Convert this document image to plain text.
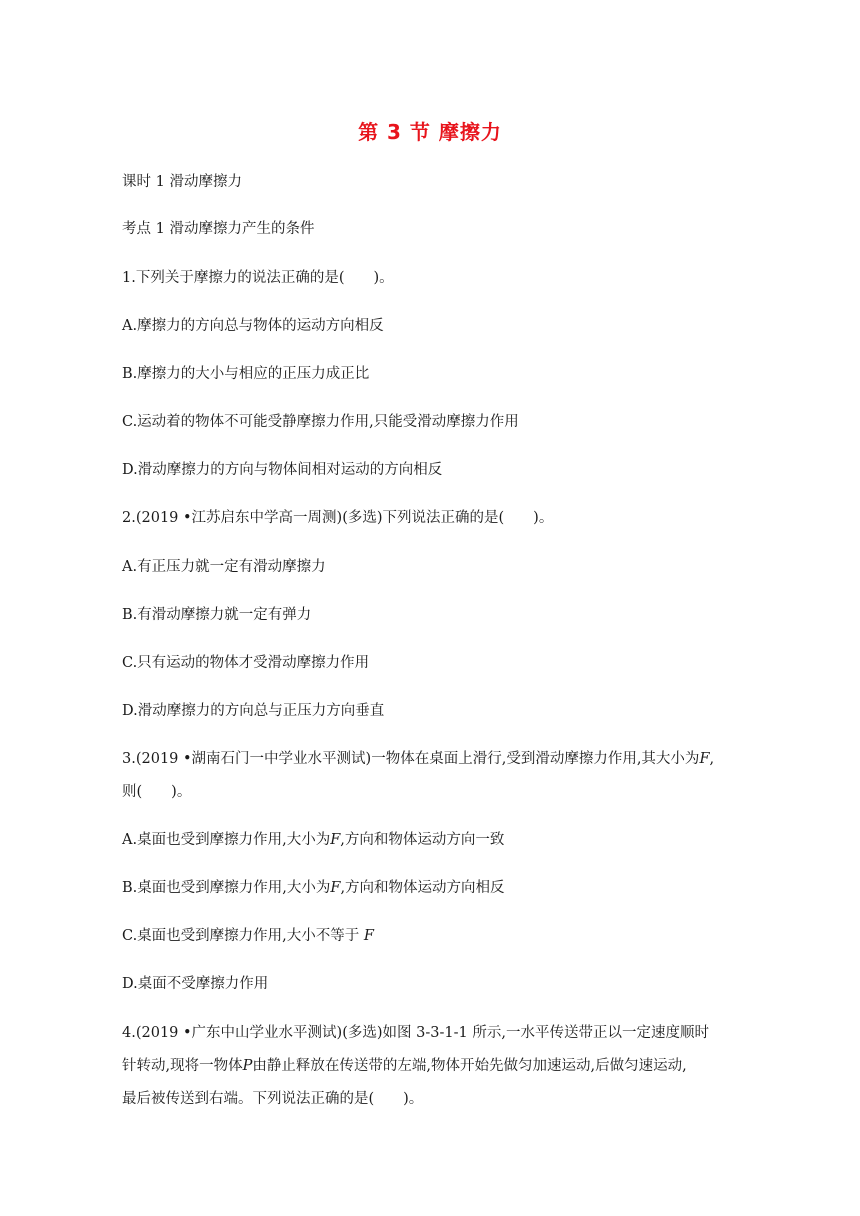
第 3 节 摩擦力
课时 1 滑动摩擦力
考点 1 滑动摩擦力产生的条件
1.下列关于摩擦力的说法正确的是(　　)。
A.摩擦力的方向总与物体的运动方向相反
B.摩擦力的大小与相应的正压力成正比
C.运动着的物体不可能受静摩擦力作用,只能受滑动摩擦力作用
D.滑动摩擦力的方向与物体间相对运动的方向相反
2.(2019 •江苏启东中学高一周测)(多选)下列说法正确的是(　　)。
A.有正压力就一定有滑动摩擦力
B.有滑动摩擦力就一定有弹力
C.只有运动的物体才受滑动摩擦力作用
D.滑动摩擦力的方向总与正压力方向垂直
3.(2019 •湖南石门一中学业水平测试)一物体在桌面上滑行,受到滑动摩擦力作用,其大小为F,
则(　　)。
A.桌面也受到摩擦力作用,大小为F,方向和物体运动方向一致
B.桌面也受到摩擦力作用,大小为F,方向和物体运动方向相反
C.桌面也受到摩擦力作用,大小不等于 F
D.桌面不受摩擦力作用
4.(2019 •广东中山学业水平测试)(多选)如图 3-3-1-1 所示,一水平传送带正以一定速度顺时
针转动,现将一物体P由静止释放在传送带的左端,物体开始先做匀加速运动,后做匀速运动,
最后被传送到右端。下列说法正确的是(　　)。
